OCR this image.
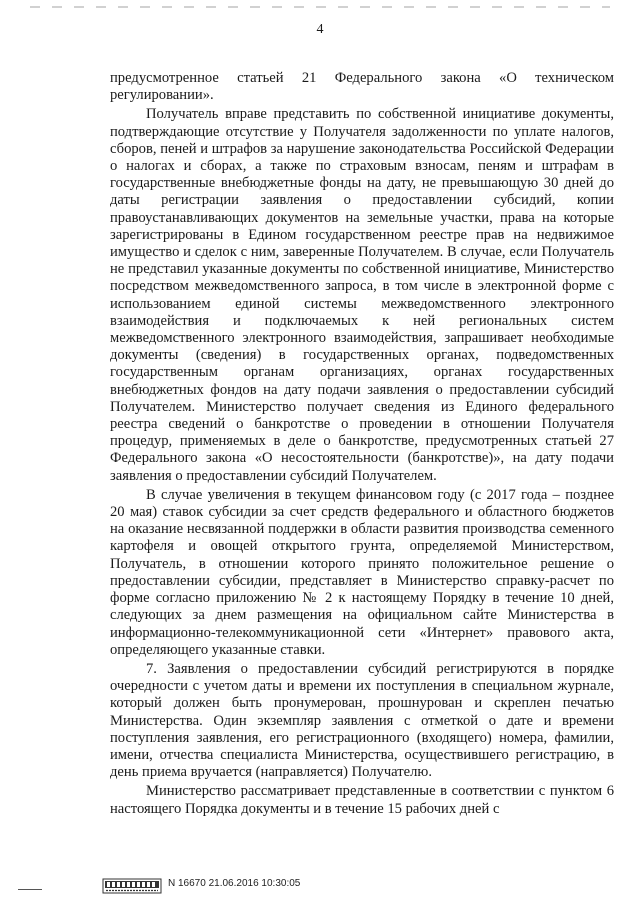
4

предусмотренное статьей 21 Федерального закона «О техническом регулировании».

Получатель вправе представить по собственной инициативе документы, подтверждающие отсутствие у Получателя задолженности по уплате налогов, сборов, пеней и штрафов за нарушение законодательства Российской Федерации о налогах и сборах, а также по страховым взносам, пеням и штрафам в государственные внебюджетные фонды на дату, не превышающую 30 дней до даты регистрации заявления о предоставлении субсидий, копии правоустанавливающих документов на земельные участки, права на которые зарегистрированы в Едином государственном реестре прав на недвижимое имущество и сделок с ним, заверенные Получателем. В случае, если Получатель не представил указанные документы по собственной инициативе, Министерство посредством межведомственного запроса, в том числе в электронной форме с использованием единой системы межведомственного электронного взаимодействия и подключаемых к ней региональных систем межведомственного электронного взаимодействия, запрашивает необходимые документы (сведения) в государственных органах, подведомственных государственным органам организациях, органах государственных внебюджетных фондов на дату подачи заявления о предоставлении субсидий Получателем. Министерство получает сведения из Единого федерального реестра сведений о банкротстве о проведении в отношении Получателя процедур, применяемых в деле о банкротстве, предусмотренных статьей 27 Федерального закона «О несостоятельности (банкротстве)», на дату подачи заявления о предоставлении субсидий Получателем.

В случае увеличения в текущем финансовом году (с 2017 года – позднее 20 мая) ставок субсидии за счет средств федерального и областного бюджетов на оказание несвязанной поддержки в области развития производства семенного картофеля и овощей открытого грунта, определяемой Министерством, Получатель, в отношении которого принято положительное решение о предоставлении субсидии, представляет в Министерство справку-расчет по форме согласно приложению № 2 к настоящему Порядку в течение 10 дней, следующих за днем размещения на официальном сайте Министерства в информационно-телекоммуникационной сети «Интернет» правового акта, определяющего указанные ставки.

7. Заявления о предоставлении субсидий регистрируются в порядке очередности с учетом даты и времени их поступления в специальном журнале, который должен быть пронумерован, прошнурован и скреплен печатью Министерства. Один экземпляр заявления с отметкой о дате и времени поступления заявления, его регистрационного (входящего) номера, фамилии, имени, отчества специалиста Министерства, осуществившего регистрацию, в день приема вручается (направляется) Получателю.

Министерство рассматривает представленные в соответствии с пунктом 6 настоящего Порядка документы и в течение 15 рабочих дней с

N 16670 21.06.2016 10:30:05
